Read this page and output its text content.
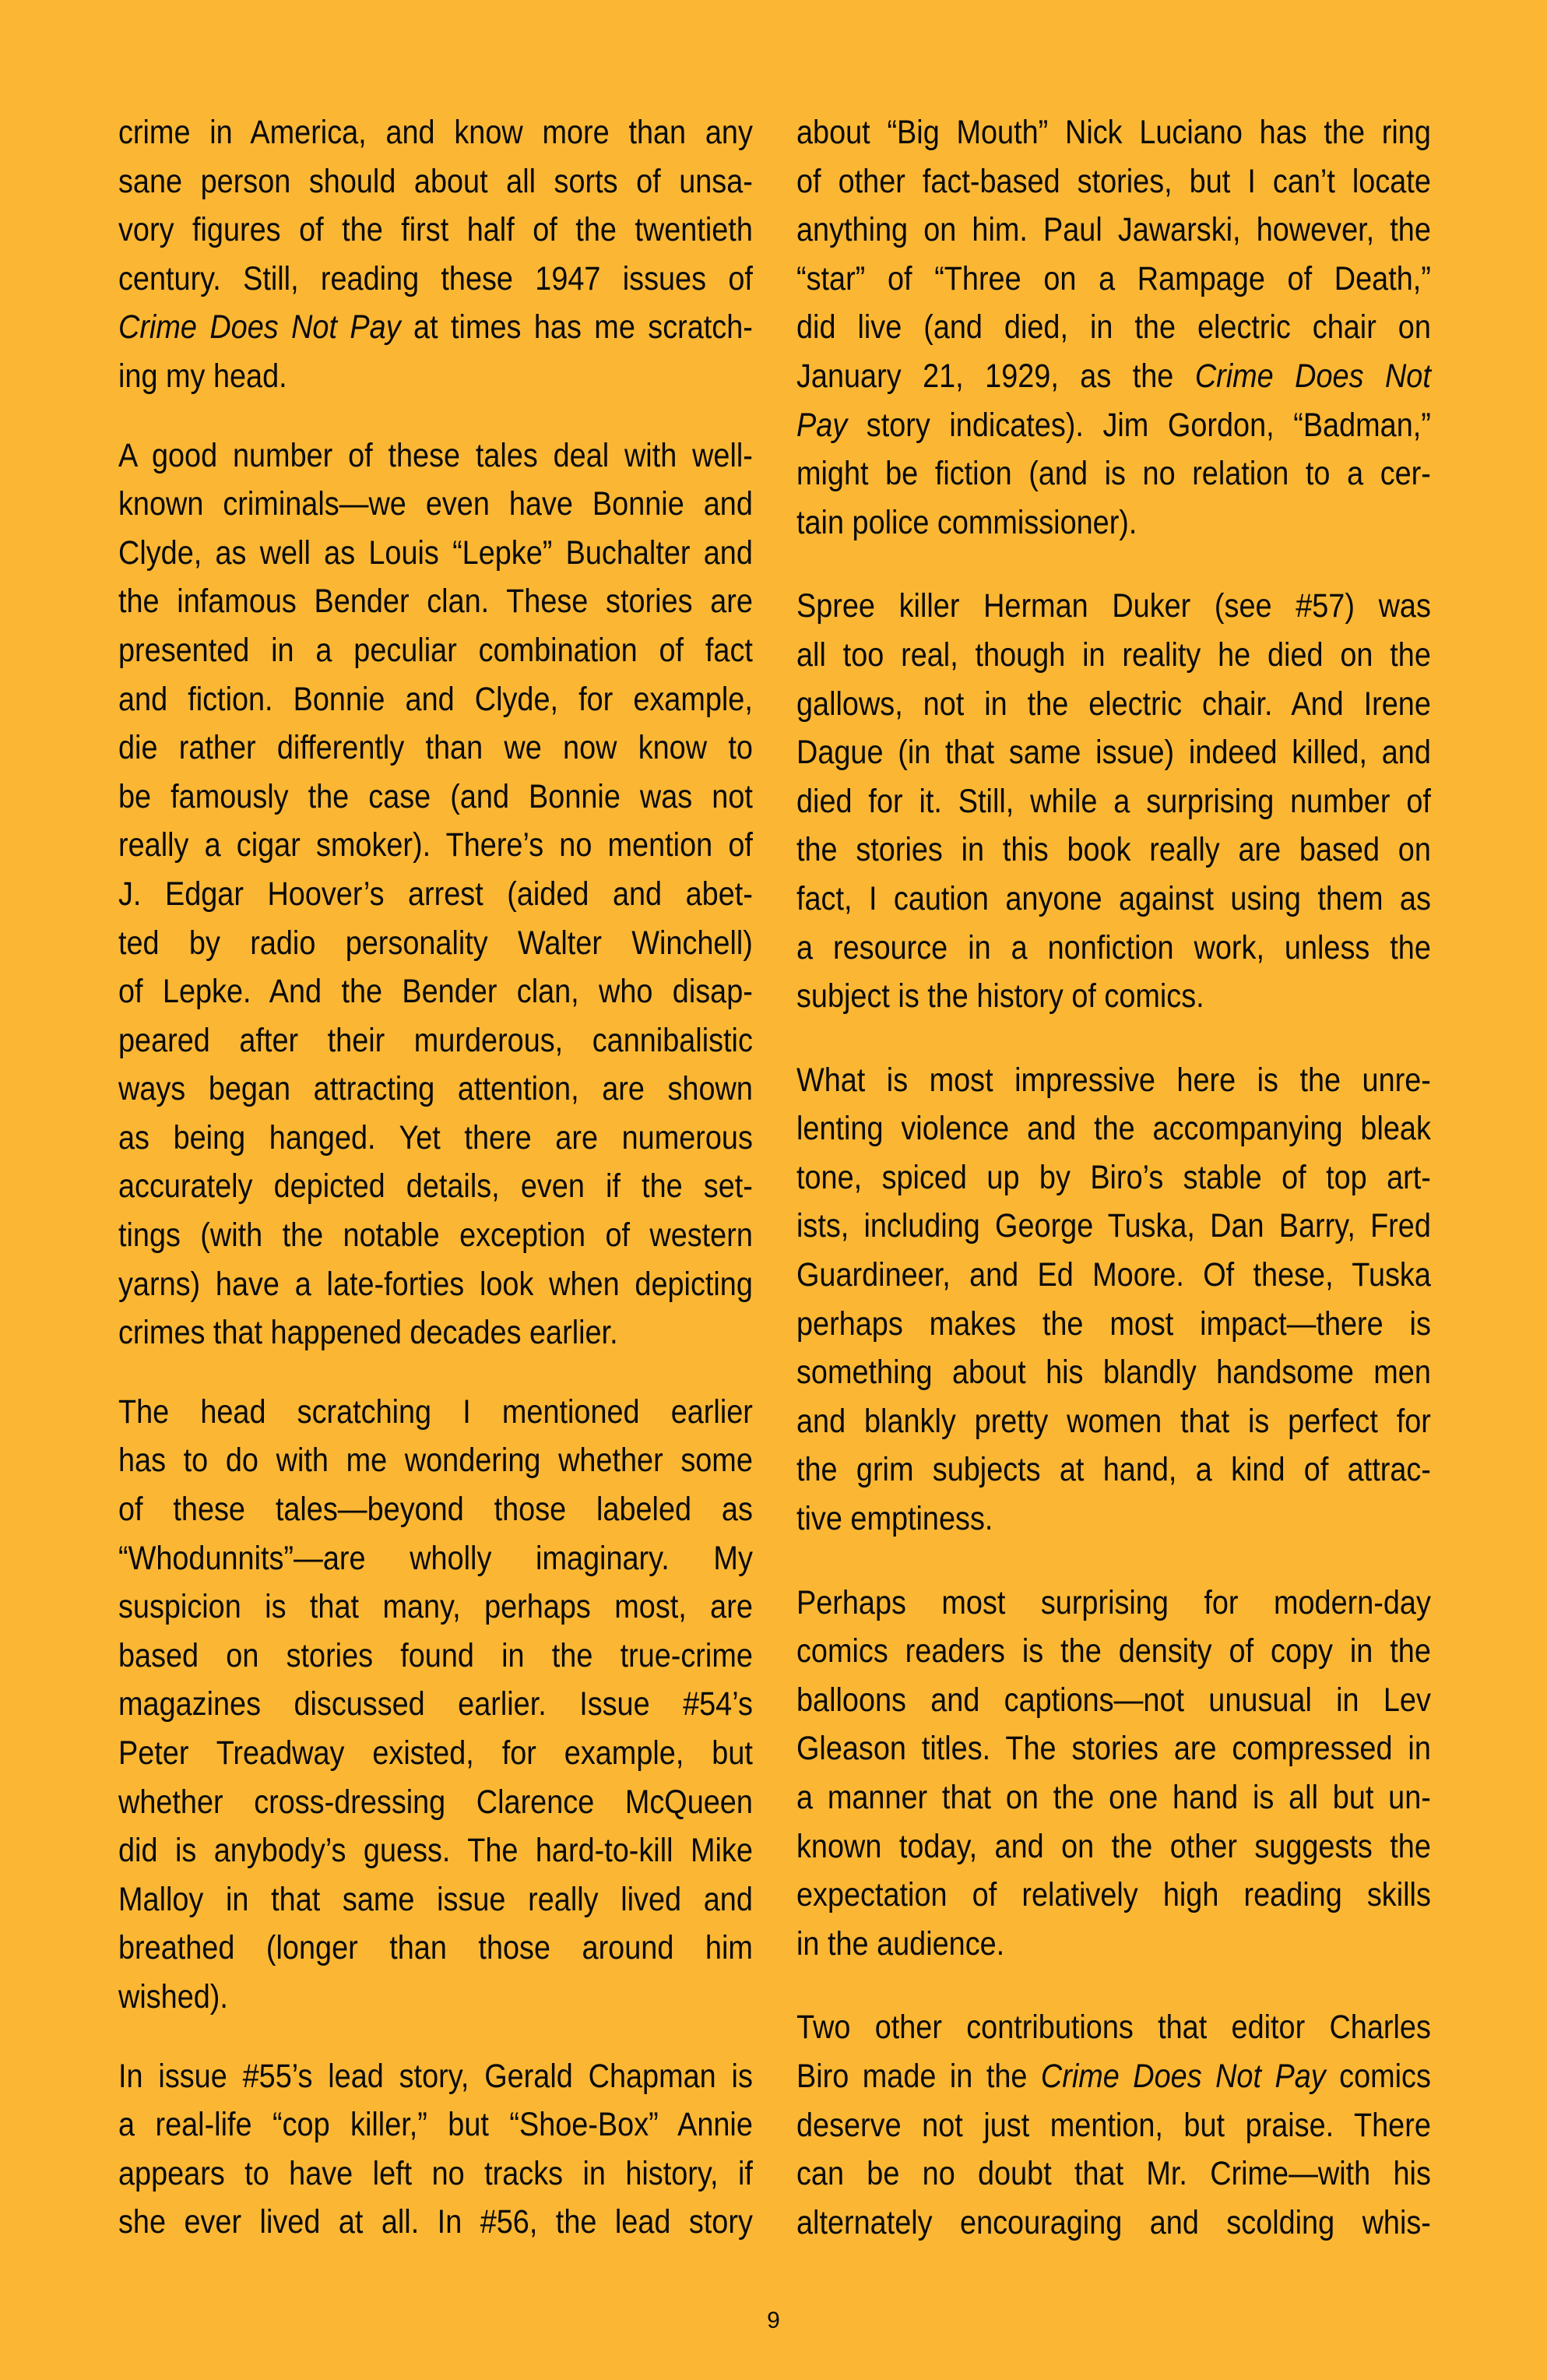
crime in America, and know more than any
sane person should about all sorts of unsa-
vory figures of the first half of the twentieth
century. Still, reading these 1947 issues of
Crime Does Not Pay at times has me scratch-
ing my head.

A good number of these tales deal with well-
known criminals—we even have Bonnie and
Clyde, as well as Louis “Lepke” Buchalter and
the infamous Bender clan. These stories are
presented in a peculiar combination of fact
and fiction. Bonnie and Clyde, for example,
die rather differently than we now know to
be famously the case (and Bonnie was not
really a cigar smoker). There’s no mention of
J. Edgar Hoover’s arrest (aided and abet-
ted by radio personality Walter Winchell)
of Lepke. And the Bender clan, who disap-
peared after their murderous, cannibalistic
ways began attracting attention, are shown
as being hanged. Yet there are numerous
accurately depicted details, even if the set-
tings (with the notable exception of western
yarns) have a late-forties look when depicting
crimes that happened decades earlier.

The head scratching I mentioned earlier
has to do with me wondering whether some
of these tales—beyond those labeled as
“Whodunnits”—are wholly imaginary. My
suspicion is that many, perhaps most, are
based on stories found in the true-crime
magazines discussed earlier. Issue #54’s
Peter Treadway existed, for example, but
whether cross-dressing Clarence McQueen
did is anybody’s guess. The hard-to-kill Mike
Malloy in that same issue really lived and
breathed (longer than those around him
wished).

In issue #55’s lead story, Gerald Chapman is
a real-life “cop killer,” but “Shoe-Box” Annie
appears to have left no tracks in history, if
she ever lived at all. In #56, the lead story

about “Big Mouth” Nick Luciano has the ring
of other fact-based stories, but I can’t locate
anything on him. Paul Jawarski, however, the
“star” of “Three on a Rampage of Death,”
did live (and died, in the electric chair on
January 21, 1929, as the Crime Does Not
Pay story indicates). Jim Gordon, “Badman,”
might be fiction (and is no relation to a cer-
tain police commissioner).

Spree killer Herman Duker (see #57) was
all too real, though in reality he died on the
gallows, not in the electric chair. And Irene
Dague (in that same issue) indeed killed, and
died for it. Still, while a surprising number of
the stories in this book really are based on
fact, I caution anyone against using them as
a resource in a nonfiction work, unless the
subject is the history of comics.

What is most impressive here is the unre-
lenting violence and the accompanying bleak
tone, spiced up by Biro’s stable of top art-
ists, including George Tuska, Dan Barry, Fred
Guardineer, and Ed Moore. Of these, Tuska
perhaps makes the most impact—there is
something about his blandly handsome men
and blankly pretty women that is perfect for
the grim subjects at hand, a kind of attrac-
tive emptiness.

Perhaps most surprising for modern-day
comics readers is the density of copy in the
balloons and captions—not unusual in Lev
Gleason titles. The stories are compressed in
a manner that on the one hand is all but un-
known today, and on the other suggests the
expectation of relatively high reading skills
in the audience.

Two other contributions that editor Charles
Biro made in the Crime Does Not Pay comics
deserve not just mention, but praise. There
can be no doubt that Mr. Crime—with his
alternately encouraging and scolding whis-

9
